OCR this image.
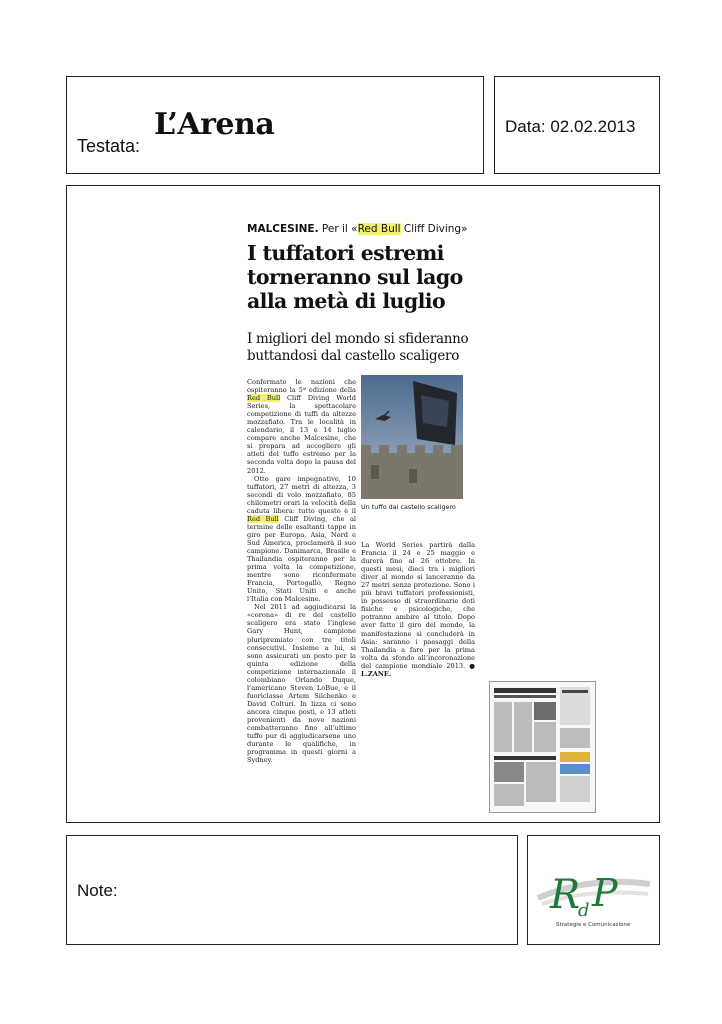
Testata:
L’Arena	Data: 02.02.2013
MALCESINE. Per il «Red Bull Cliff Diving»
I tuffatori estremi
torneranno sul lago
alla metà di luglio
I migliori del mondo si sfideranno
buttandosi dal castello scaligero

Confermate le nazioni che ospiteranno la 5ª edizione della Red Bull Cliff Diving World Series, la spettacolare competizione di tuffi da altezze mozzafiato. Tra le località in calendario, il 13 e 14 luglio compare anche Malcesine, che si prepara ad accogliere gli atleti del tuffo estremo per la seconda volta dopo la pausa del 2012.

Otto gare impegnative, 10 tuffatori, 27 metri di altezza, 3 secondi di volo mozzafiato, 85 chilometri orari la velocità della caduta libera: tutto questo è il Red Bull Cliff Diving, che al termine delle esaltanti tappe in giro per Europa, Asia, Nord e Sud America, proclamerà il suo campione. Danimarca, Brasile e Thailandia ospiteranno per la prima volta la competizione, mentre sono riconfermate Francia, Portogallo, Regno Unito, Stati Uniti e anche l’Italia con Malcesine.

Nel 2011 ad aggiudicarsi la «corona» di re del castello scaligero era stato l’inglese Gary Hunt, campione pluripremiato con tre titoli consecutivi. Insieme a lui, si sono assicurati un posto per la quinta edizione della competizione internazionale il colombiano Orlando Duque, l’americano Steven LoBue, e il fuoriclasse Artem Silchenko e David Colturi. In lizza ci sono ancora cinque posti, e 13 atleti provenienti da nove nazioni combatteranno fino all’ultimo tuffo pur di aggiudicarsene uno durante le qualifiche, in programma in questi giorni a Sydney.

Un tuffo dal castello scaligero

La World Series partirà dalla Francia il 24 e 25 maggio e durerà fino al 26 ottobre. In questi mesi, dieci tra i migliori diver al mondo si lanceranno da 27 metri senza protezione. Sono i più bravi tuffatori professionisti, in possesso di straordinarie doti fisiche e psicologiche, che potranno ambire al titolo. Dopo aver fatto il giro del mondo, la manifestazione si concluderà in Asia: saranno i paesaggi della Thailandia a fare per la prima volta da sfondo all’incoronazione del campione mondiale 2013. ● L.ZANE.

Note:	R
d P
Strategie e Comunicazione
